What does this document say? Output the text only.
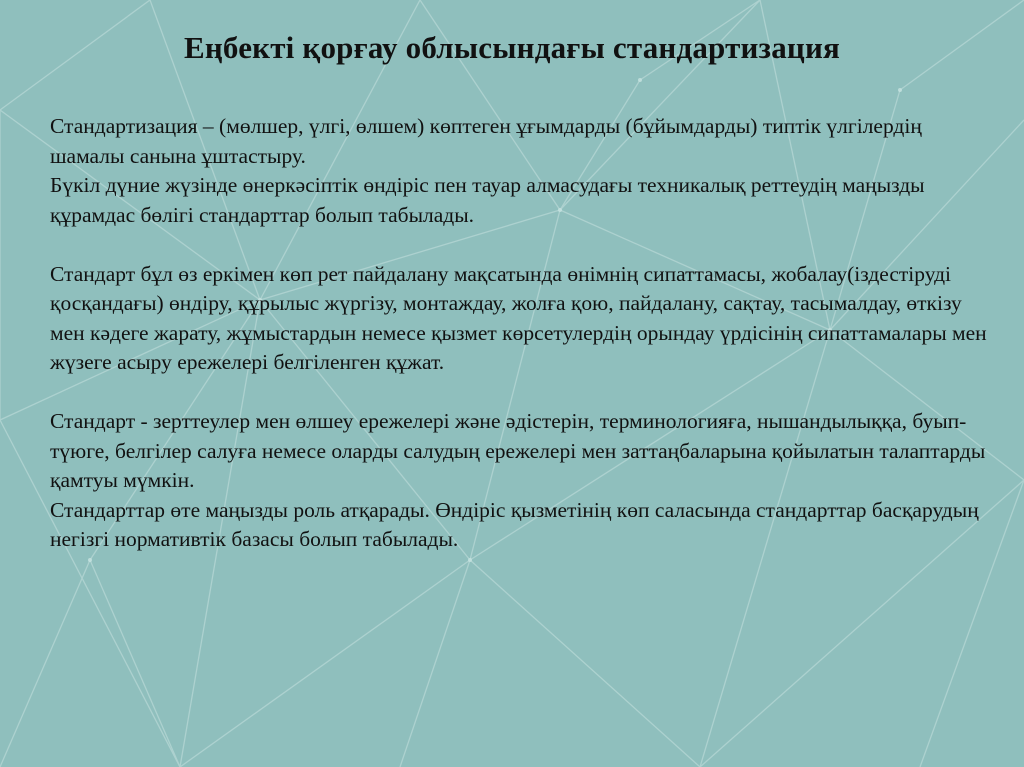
Еңбекті қорғау облысындағы стандартизация

Стандартизация – (мөлшер, үлгі, өлшем) көптеген ұғымдарды (бұйымдарды) типтік үлгілердің шамалы санына ұштастыру.

Бүкіл дүние жүзінде өнеркәсіптік өндіріс пен тауар алмасудағы техникалық реттеудің маңызды құрамдас бөлігі стандарттар болып табылады.

Стандарт бұл өз еркімен көп рет пайдалану мақсатында өнімнің сипаттамасы, жобалау(іздестіруді қосқандағы) өндіру, құрылыс жүргізу, монтаждау, жолға қою, пайдалану, сақтау, тасымалдау, өткізу мен кәдеге жарату, жұмыстардын немесе қызмет көрсетулердің орындау үрдісінің сипаттамалары мен жүзеге асыру ережелері белгіленген құжат.

Стандарт - зерттеулер мен өлшеу ережелері және әдістерін, терминологияға, нышандылыққа, буып- түюге, белгілер салуға немесе оларды салудың ережелері мен заттаңбаларына қойылатын талаптарды қамтуы мүмкін.

Стандарттар өте маңызды роль атқарады. Өндіріс қызметінің көп саласында стандарттар басқарудың негізгі нормативтік базасы болып табылады.
